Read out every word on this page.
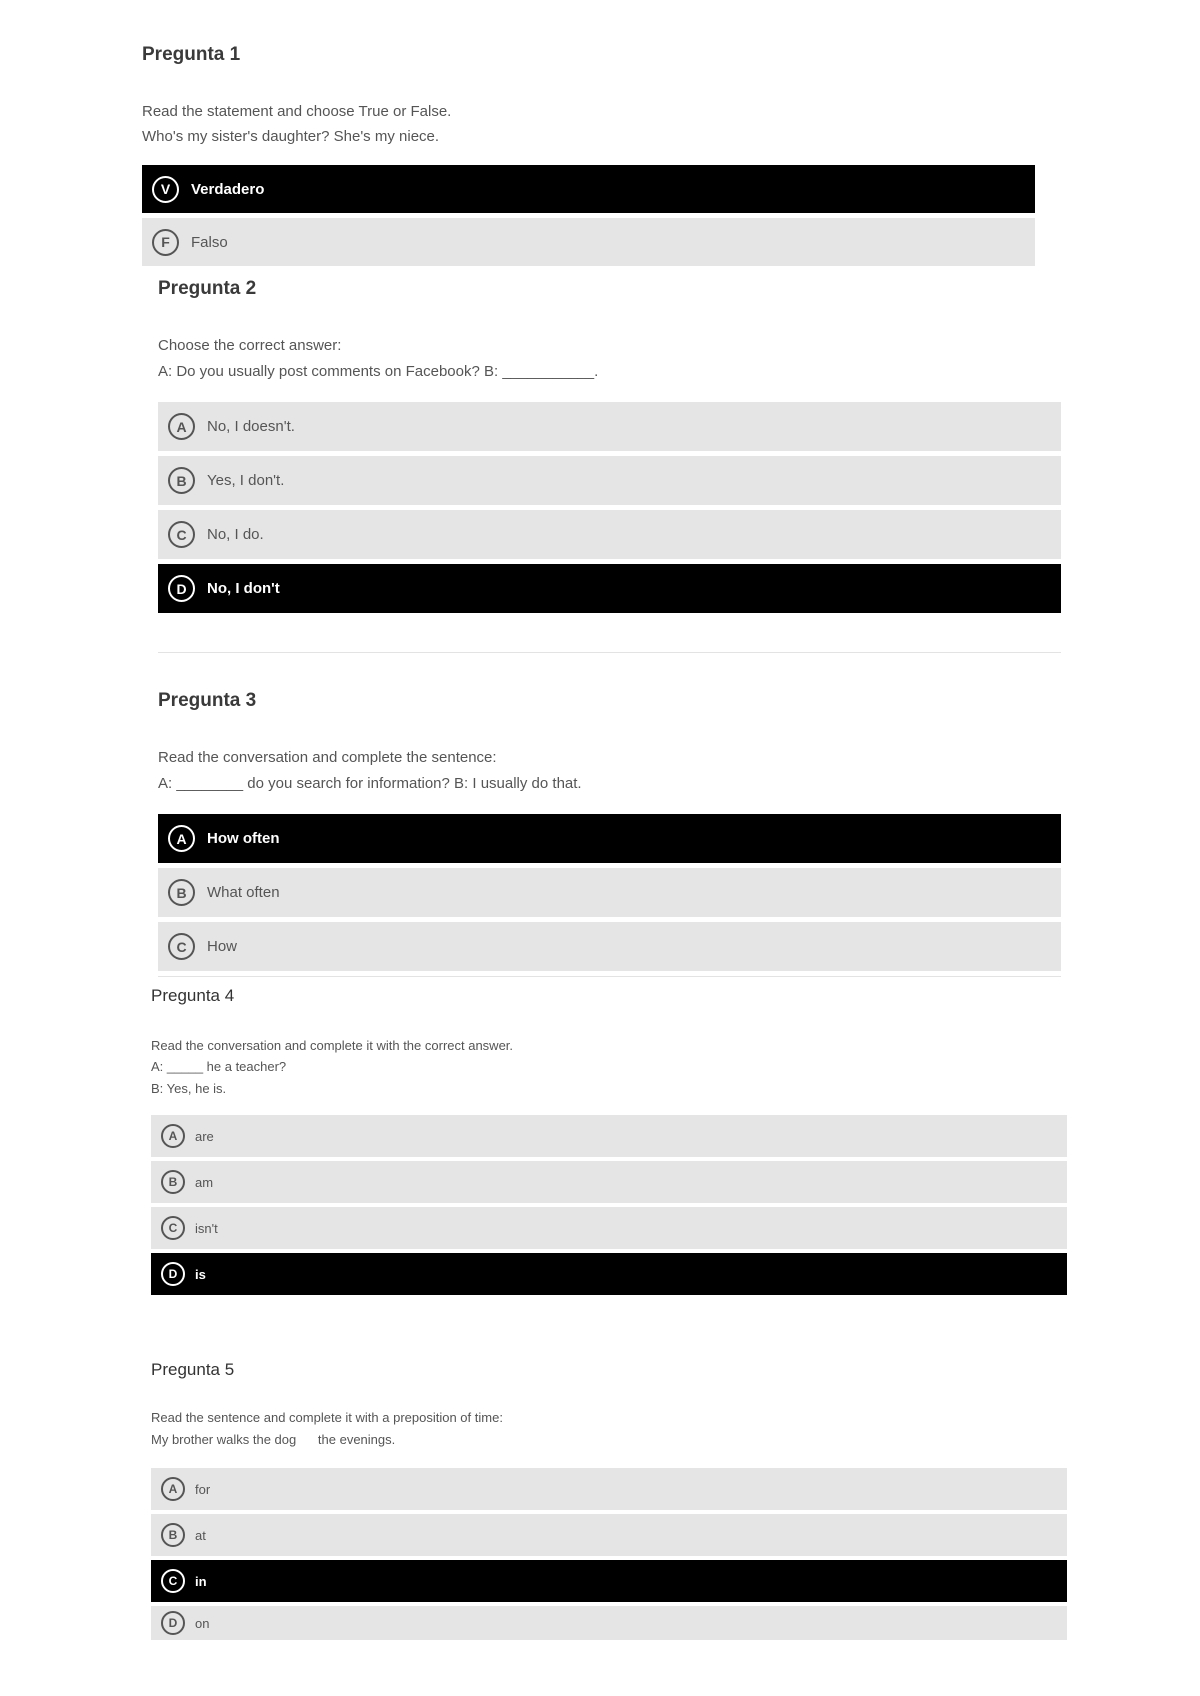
Pregunta 1
Read the statement and choose True or False.
Who's my sister's daughter? She's my niece.
V	Verdadero
F	Falso
Pregunta 2
Choose the correct answer:
A: Do you usually post comments on Facebook? B: ___________.
A	No, I doesn't.
B	Yes, I don't.
C	No, I do.
D	No, I don't
Pregunta 3
Read the conversation and complete the sentence:
A: ________ do you search for information? B: I usually do that.
A	How often
B	What often
C	How
Pregunta 4
Read the conversation and complete it with the correct answer.
A: _____ he a teacher?
B: Yes, he is.
A	are
B	am
C	isn't
D	is
Pregunta 5
Read the sentence and complete it with a preposition of time:
My brother walks the dog      the evenings.
A	for
B	at
C	in
D	on
